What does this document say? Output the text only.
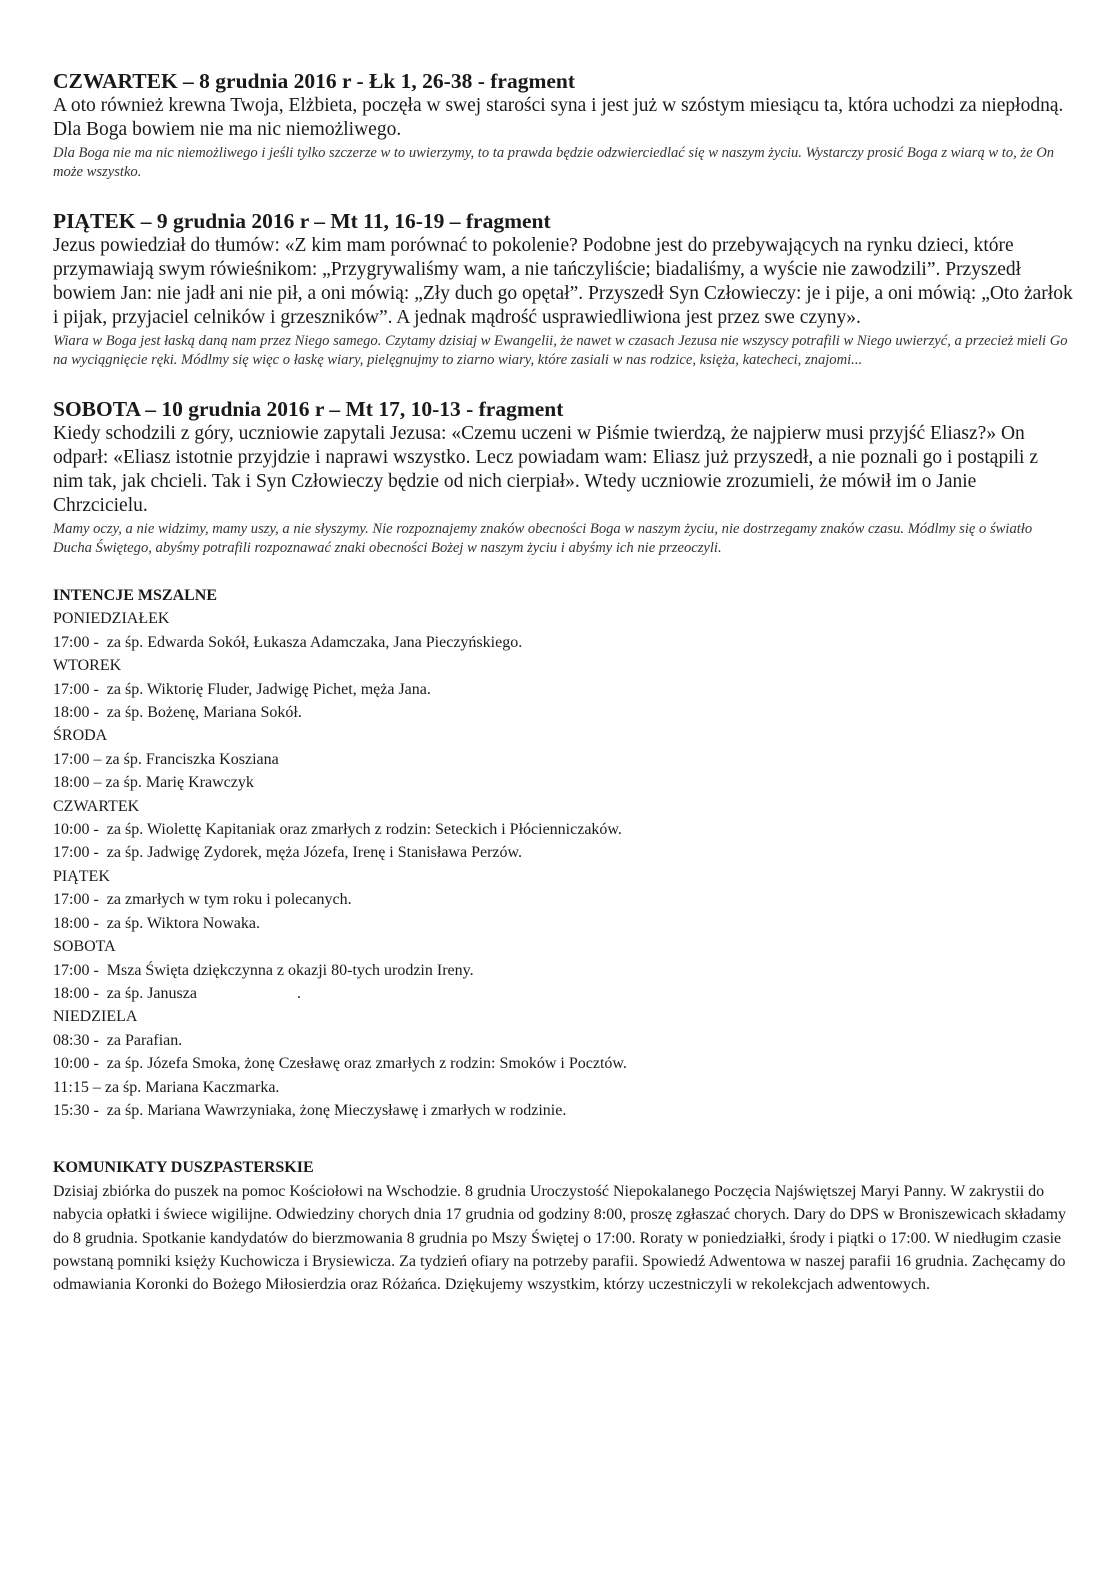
CZWARTEK – 8 grudnia 2016 r - Łk 1, 26-38 - fragment

A oto również krewna Twoja, Elżbieta, poczęła w swej starości syna i jest już w szóstym miesiącu ta, która uchodzi za niepłodną. Dla Boga bowiem nie ma nic niemożliwego.

Dla Boga nie ma nic niemożliwego i jeśli tylko szczerze w to uwierzymy, to ta prawda będzie odzwierciedlać się w naszym życiu. Wystarczy prosić Boga z wiarą w to, że On może wszystko.

PIĄTEK – 9 grudnia 2016 r – Mt 11, 16-19 – fragment

Jezus powiedział do tłumów: «Z kim mam porównać to pokolenie? Podobne jest do przebywających na rynku dzieci, które przymawiają swym rówieśnikom: „Przygrywaliśmy wam, a nie tańczyliście; biadaliśmy, a wyście nie zawodzili”. Przyszedł bowiem Jan: nie jadł ani nie pił, a oni mówią: „Zły duch go opętał”. Przyszedł Syn Człowieczy: je i pije, a oni mówią: „Oto żarłok i pijak, przyjaciel celników i grzeszników”. A jednak mądrość usprawiedliwiona jest przez swe czyny».

Wiara w Boga jest łaską daną nam przez Niego samego. Czytamy dzisiaj w Ewangelii, że nawet w czasach Jezusa nie wszyscy potrafili w Niego uwierzyć, a przecież mieli Go na wyciągnięcie ręki. Módlmy się więc o łaskę wiary, pielęgnujmy to ziarno wiary, które zasiali w nas rodzice, księża, katecheci, znajomi...

SOBOTA – 10 grudnia 2016 r – Mt 17, 10-13 - fragment

Kiedy schodzili z góry, uczniowie zapytali Jezusa: «Czemu uczeni w Piśmie twierdzą, że najpierw musi przyjść Eliasz?» On odparł: «Eliasz istotnie przyjdzie i naprawi wszystko. Lecz powiadam wam: Eliasz już przyszedł, a nie poznali go i postąpili z nim tak, jak chcieli. Tak i Syn Człowieczy będzie od nich cierpiał». Wtedy uczniowie zrozumieli, że mówił im o Janie Chrzcicielu.

Mamy oczy, a nie widzimy, mamy uszy, a nie słyszymy. Nie rozpoznajemy znaków obecności Boga w naszym życiu, nie dostrzegamy znaków czasu. Módlmy się o światło Ducha Świętego, abyśmy potrafili rozpoznawać znaki obecności Bożej w naszym życiu i abyśmy ich nie przeoczyli.

INTENCJE MSZALNE

PONIEDZIAŁEK

17:00 -  za śp. Edwarda Sokół, Łukasza Adamczaka, Jana Pieczyńskiego.

WTOREK

17:00 -  za śp. Wiktorię Fluder, Jadwigę Pichet, męża Jana.

18:00 -  za śp. Bożenę, Mariana Sokół.

ŚRODA

17:00 – za śp. Franciszka Kosziana

18:00 – za śp. Marię Krawczyk

CZWARTEK

10:00 -  za śp. Wiolettę Kapitaniak oraz zmarłych z rodzin: Seteckich i Płócienniczaków.

17:00 -  za śp. Jadwigę Zydorek, męża Józefa, Irenę i Stanisława Perzów.

PIĄTEK

17:00 -  za zmarłych w tym roku i polecanych.

18:00 -  za śp. Wiktora Nowaka.

SOBOTA

17:00 -  Msza Święta dziękczynna z okazji 80-tych urodzin Ireny.

18:00 -  za śp. Janusza                         .

NIEDZIELA

08:30 -  za Parafian.

10:00 -  za śp. Józefa Smoka, żonę Czesławę oraz zmarłych z rodzin: Smoków i Pocztów.

11:15 – za śp. Mariana Kaczmarka.

15:30 -  za śp. Mariana Wawrzyniaka, żonę Mieczysławę i zmarłych w rodzinie.

KOMUNIKATY DUSZPASTERSKIE

Dzisiaj zbiórka do puszek na pomoc Kościołowi na Wschodzie. 8 grudnia Uroczystość Niepokalanego Poczęcia Najświętszej Maryi Panny. W zakrystii do nabycia opłatki i świece wigilijne. Odwiedziny chorych dnia 17 grudnia od godziny 8:00, proszę zgłaszać chorych. Dary do DPS w Broniszewicach składamy do 8 grudnia. Spotkanie kandydatów do bierzmowania 8 grudnia po Mszy Świętej o 17:00. Roraty w poniedziałki, środy i piątki o 17:00. W niedługim czasie powstaną pomniki księży Kuchowicza i Brysiewicza. Za tydzień ofiary na potrzeby parafii. Spowiedź Adwentowa w naszej parafii 16 grudnia. Zachęcamy do odmawiania Koronki do Bożego Miłosierdzia oraz Różańca. Dziękujemy wszystkim, którzy uczestniczyli w rekolekcjach adwentowych.
